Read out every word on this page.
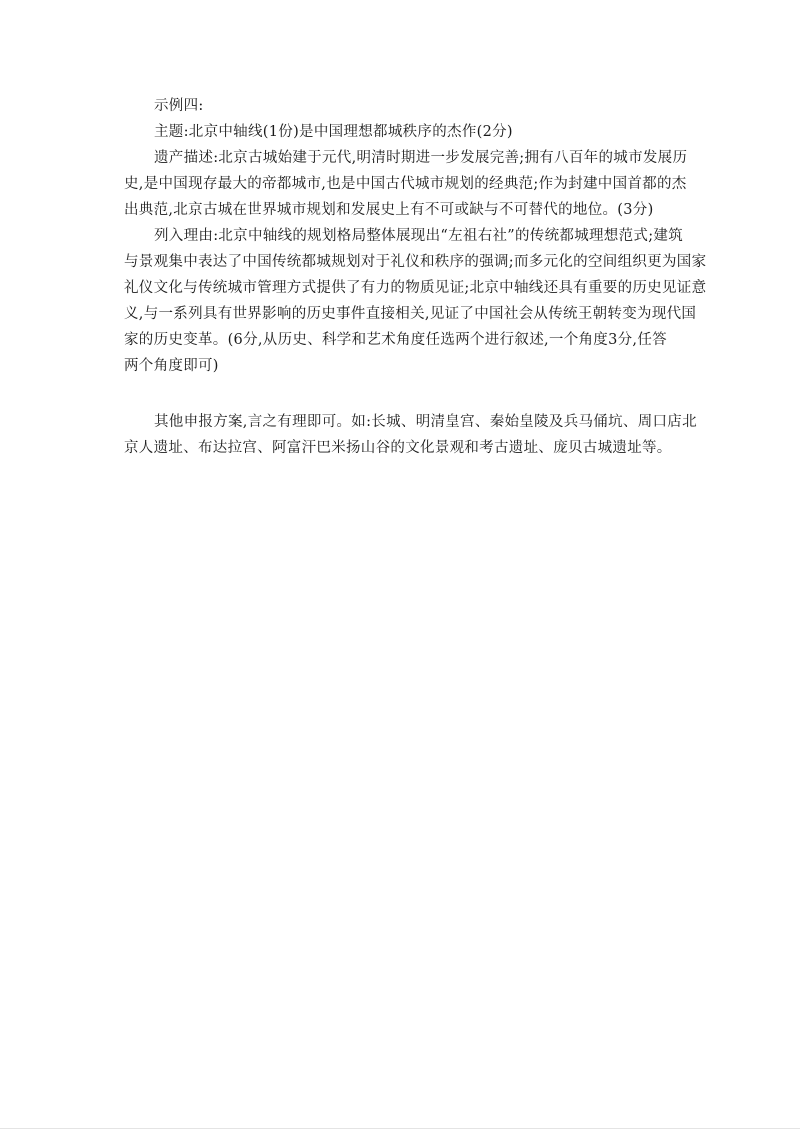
示例四:
主题:北京中轴线(1份)是中国理想都城秩序的杰作(2分)
遗产描述:北京古城始建于元代,明清时期进一步发展完善;拥有八百年的城市发展历
史,是中国现存最大的帝都城市,也是中国古代城市规划的经典范;作为封建中国首都的杰
出典范,北京古城在世界城市规划和发展史上有不可或缺与不可替代的地位。(3分)
列入理由:北京中轴线的规划格局整体展现出“左祖右社”的传统都城理想范式;建筑
与景观集中表达了中国传统都城规划对于礼仪和秩序的强调;而多元化的空间组织更为国家
礼仪文化与传统城市管理方式提供了有力的物质见证;北京中轴线还具有重要的历史见证意
义,与一系列具有世界影响的历史事件直接相关,见证了中国社会从传统王朝转变为现代国
家的历史变革。(6分,从历史、科学和艺术角度任选两个进行叙述,一个角度3分,任答
两个角度即可)
其他申报方案,言之有理即可。如:长城、明清皇宫、秦始皇陵及兵马俑坑、周口店北
京人遗址、布达拉宫、阿富汗巴米扬山谷的文化景观和考古遗址、庞贝古城遗址等。
